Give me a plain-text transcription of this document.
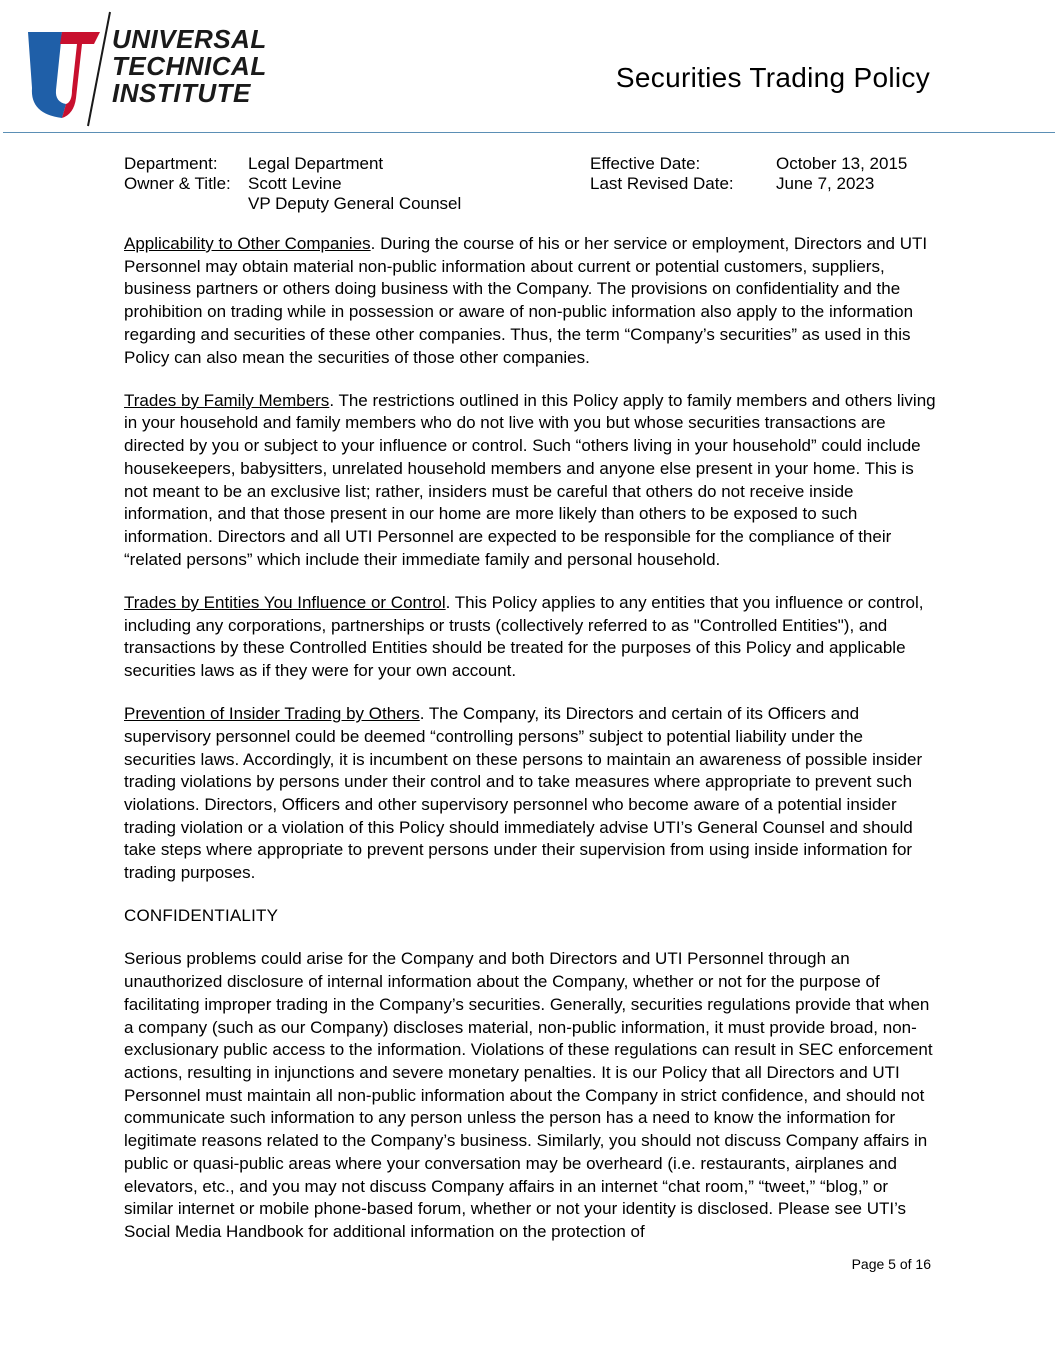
UNIVERSAL
TECHNICAL
INSTITUTE	Securities Trading Policy
Department: Legal Department	Effective Date:	October 13, 2015
Owner & Title: Scott Levine	Last Revised Date: June 7, 2023
VP Deputy General Counsel

Applicability to Other Companies. During the course of his or her service or employment, Directors and UTI Personnel may obtain material non-public information about current or potential customers, suppliers, business partners or others doing business with the Company. The provisions on confidentiality and the prohibition on trading while in possession or aware of non-public information also apply to the information regarding and securities of these other companies. Thus, the term “Company’s securities” as used in this Policy can also mean the securities of those other companies.

Trades by Family Members. The restrictions outlined in this Policy apply to family members and others living in your household and family members who do not live with you but whose securities transactions are directed by you or subject to your influence or control. Such “others living in your household” could include housekeepers, babysitters, unrelated household members and anyone else present in your home. This is not meant to be an exclusive list; rather, insiders must be careful that others do not receive inside information, and that those present in our home are more likely than others to be exposed to such information. Directors and all UTI Personnel are expected to be responsible for the compliance of their “related persons” which include their immediate family and personal household.

Trades by Entities You Influence or Control. This Policy applies to any entities that you influence or control, including any corporations, partnerships or trusts (collectively referred to as "Controlled Entities"), and transactions by these Controlled Entities should be treated for the purposes of this Policy and applicable securities laws as if they were for your own account.

Prevention of Insider Trading by Others. The Company, its Directors and certain of its Officers and supervisory personnel could be deemed “controlling persons” subject to potential liability under the securities laws. Accordingly, it is incumbent on these persons to maintain an awareness of possible insider trading violations by persons under their control and to take measures where appropriate to prevent such violations. Directors, Officers and other supervisory personnel who become aware of a potential insider trading violation or a violation of this Policy should immediately advise UTI’s General Counsel and should take steps where appropriate to prevent persons under their supervision from using inside information for trading purposes.

CONFIDENTIALITY

Serious problems could arise for the Company and both Directors and UTI Personnel through an unauthorized disclosure of internal information about the Company, whether or not for the purpose of facilitating improper trading in the Company’s securities. Generally, securities regulations provide that when a company (such as our Company) discloses material, non-public information, it must provide broad, non-exclusionary public access to the information. Violations of these regulations can result in SEC enforcement actions, resulting in injunctions and severe monetary penalties. It is our Policy that all Directors and UTI Personnel must maintain all non-public information about the Company in strict confidence, and should not communicate such information to any person unless the person has a need to know the information for legitimate reasons related to the Company’s business. Similarly, you should not discuss Company affairs in public or quasi-public areas where your conversation may be overheard (i.e. restaurants, airplanes and elevators, etc., and you may not discuss Company affairs in an internet “chat room,” “tweet,” “blog,” or similar internet or mobile phone-based forum, whether or not your identity is disclosed. Please see UTI’s Social Media Handbook for additional information on the protection of

Page 5 of 16
